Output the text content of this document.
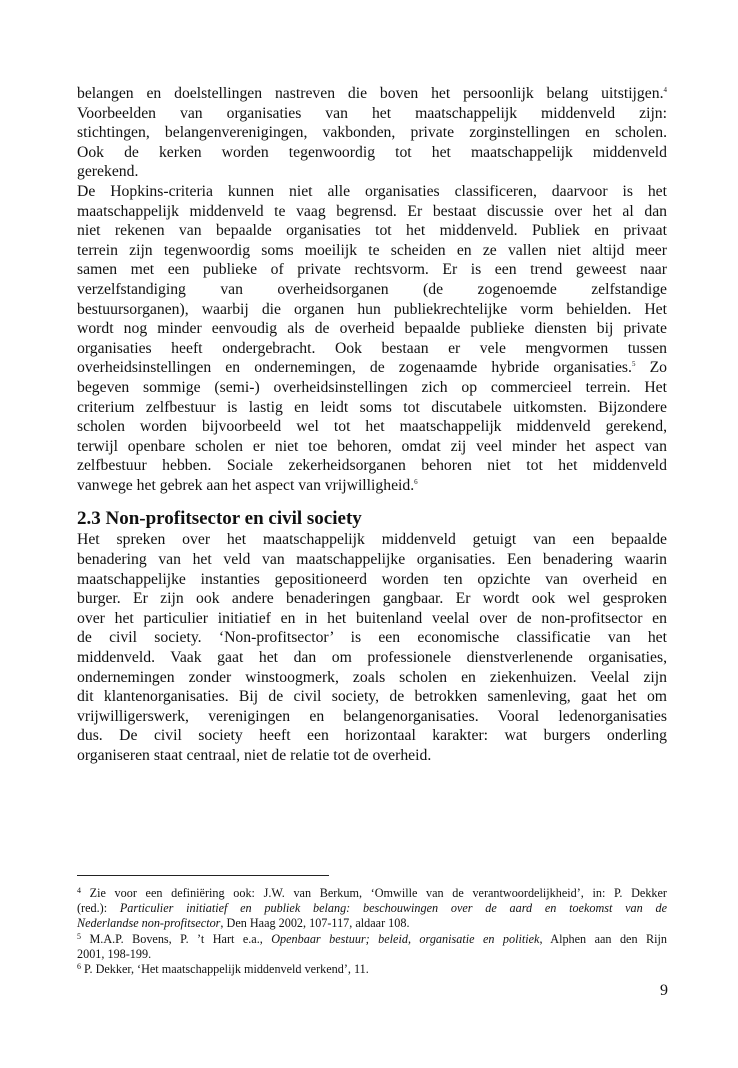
belangen en doelstellingen nastreven die boven het persoonlijk belang uitstijgen.$^4$
Voorbeelden van organisaties van het maatschappelijk middenveld zijn:
stichtingen, belangenverenigingen, vakbonden, private zorginstellingen en scholen.
Ook de kerken worden tegenwoordig tot het maatschappelijk middenveld
gerekend.

De Hopkins-criteria kunnen niet alle organisaties classificeren, daarvoor is het
maatschappelijk middenveld te vaag begrensd. Er bestaat discussie over het al dan
niet rekenen van bepaalde organisaties tot het middenveld. Publiek en privaat
terrein zijn tegenwoordig soms moeilijk te scheiden en ze vallen niet altijd meer
samen met een publieke of private rechtsvorm. Er is een trend geweest naar
verzelfstandiging van overheidsorganen (de zogenoemde zelfstandige
bestuursorganen), waarbij die organen hun publiekrechtelijke vorm behielden. Het
wordt nog minder eenvoudig als de overheid bepaalde publieke diensten bij private
organisaties heeft ondergebracht. Ook bestaan er vele mengvormen tussen
overheidsinstellingen en ondernemingen, de zogenaamde hybride organisaties.$^5$ Zo
begeven sommige (semi-) overheidsinstellingen zich op commercieel terrein. Het
criterium zelfbestuur is lastig en leidt soms tot discutabele uitkomsten. Bijzondere
scholen worden bijvoorbeeld wel tot het maatschappelijk middenveld gerekend,
terwijl openbare scholen er niet toe behoren, omdat zij veel minder het aspect van
zelfbestuur hebben. Sociale zekerheidsorganen behoren niet tot het middenveld
vanwege het gebrek aan het aspect van vrijwilligheid.$^6$

2.3 Non-profitsector en civil society

Het spreken over het maatschappelijk middenveld getuigt van een bepaalde
benadering van het veld van maatschappelijke organisaties. Een benadering waarin
maatschappelijke instanties gepositioneerd worden ten opzichte van overheid en
burger. Er zijn ook andere benaderingen gangbaar. Er wordt ook wel gesproken
over het particulier initiatief en in het buitenland veelal over de non-profitsector en
de civil society. ‘Non-profitsector’ is een economische classificatie van het
middenveld. Vaak gaat het dan om professionele dienstverlenende organisaties,
ondernemingen zonder winstoogmerk, zoals scholen en ziekenhuizen. Veelal zijn
dit klantenorganisaties. Bij de civil society, de betrokken samenleving, gaat het om
vrijwilligerswerk, verenigingen en belangenorganisaties. Vooral ledenorganisaties
dus. De civil society heeft een horizontaal karakter: wat burgers onderling
organiseren staat centraal, niet de relatie tot de overheid.

$^4$ Zie voor een definiëring ook: J.W. van Berkum, ‘Omwille van de verantwoordelijkheid’, in: P. Dekker
(red.): Particulier initiatief en publiek belang: beschouwingen over de aard en toekomst van de
Nederlandse non-profitsector, Den Haag 2002, 107-117, aldaar 108.
$^5$ M.A.P. Bovens, P. ’t Hart e.a., Openbaar bestuur; beleid, organisatie en politiek, Alphen aan den Rijn
2001, 198-199.
$^6$ P. Dekker, ‘Het maatschappelijk middenveld verkend’, 11.
9
